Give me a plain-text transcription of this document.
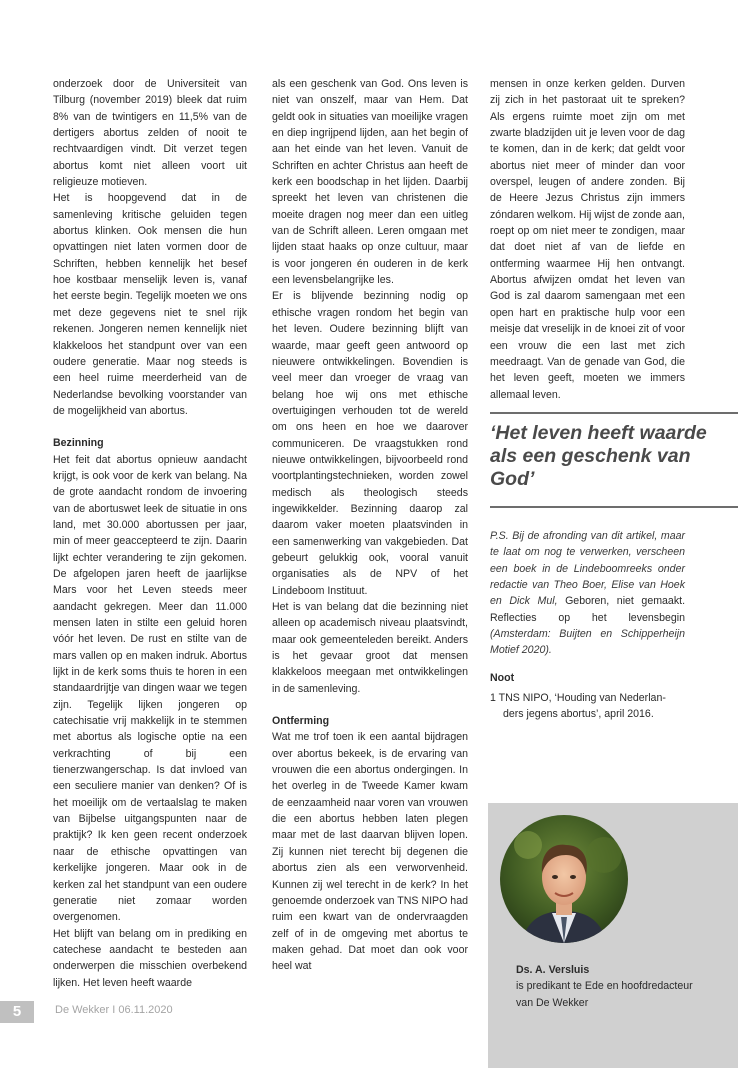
onderzoek door de Universiteit van Tilburg (november 2019) bleek dat ruim 8% van de twintigers en 11,5% van de dertigers abortus zelden of nooit te rechtvaardigen vindt. Dit verzet tegen abortus komt niet alleen voort uit religieuze motieven.

Het is hoopgevend dat in de samenleving kritische geluiden tegen abortus klinken. Ook mensen die hun opvattingen niet laten vormen door de Schriften, hebben kennelijk het besef hoe kostbaar menselijk leven is, vanaf het eerste begin. Tegelijk moeten we ons met deze gegevens niet te snel rijk rekenen. Jongeren nemen kennelijk niet klakkeloos het standpunt over van een oudere generatie. Maar nog steeds is een heel ruime meerderheid van de Nederlandse bevolking voorstander van de mogelijkheid van abortus.

Bezinning

Het feit dat abortus opnieuw aandacht krijgt, is ook voor de kerk van belang. Na de grote aandacht rondom de invoering van de abortuswet leek de situatie in ons land, met 30.000 abortussen per jaar, min of meer geaccepteerd te zijn. Daarin lijkt echter verandering te zijn gekomen. De afgelopen jaren heeft de jaarlijkse Mars voor het Leven steeds meer aandacht gekregen. Meer dan 11.000 mensen laten in stilte een geluid horen vóór het leven. De rust en stilte van de mars vallen op en maken indruk. Abortus lijkt in de kerk soms thuis te horen in een standaardrijtje van dingen waar we tegen zijn. Tegelijk lijken jongeren op catechisatie vrij makkelijk in te stemmen met abortus als logische optie na een verkrachting of bij een tienerzwangerschap. Is dat invloed van een seculiere manier van denken? Of is het moeilijk om de vertaalslag te maken van Bijbelse uitgangspunten naar de praktijk? Ik ken geen recent onderzoek naar de ethische opvattingen van kerkelijke jongeren. Maar ook in de kerken zal het standpunt van een oudere generatie niet zomaar worden overgenomen.

Het blijft van belang om in prediking en catechese aandacht te besteden aan onderwerpen die misschien overbekend lijken. Het leven heeft waarde

als een geschenk van God. Ons leven is niet van onszelf, maar van Hem. Dat geldt ook in situaties van moeilijke vragen en diep ingrijpend lijden, aan het begin of aan het einde van het leven. Vanuit de Schriften en achter Christus aan heeft de kerk een boodschap in het lijden. Daarbij spreekt het leven van christenen die moeite dragen nog meer dan een uitleg van de Schrift alleen. Leren omgaan met lijden staat haaks op onze cultuur, maar is voor jongeren én ouderen in de kerk een levensbelangrijke les.

Er is blijvende bezinning nodig op ethische vragen rondom het begin van het leven. Oudere bezinning blijft van waarde, maar geeft geen antwoord op nieuwere ontwikkelingen. Bovendien is veel meer dan vroeger de vraag van belang hoe wij ons met ethische overtuigingen verhouden tot de wereld om ons heen en hoe we daarover communiceren. De vraagstukken rond nieuwe ontwikkelingen, bijvoorbeeld rond voortplantingstechnieken, worden zowel medisch als theologisch steeds ingewikkelder. Bezinning daarop zal daarom vaker moeten plaatsvinden in een samenwerking van vakgebieden. Dat gebeurt gelukkig ook, vooral vanuit organisaties als de NPV of het Lindeboom Instituut.

Het is van belang dat die bezinning niet alleen op academisch niveau plaatsvindt, maar ook gemeenteleden bereikt. Anders is het gevaar groot dat mensen klakkeloos meegaan met ontwikkelingen in de samenleving.

Ontferming

Wat me trof toen ik een aantal bijdragen over abortus bekeek, is de ervaring van vrouwen die een abortus ondergingen. In het overleg in de Tweede Kamer kwam de eenzaamheid naar voren van vrouwen die een abortus hebben laten plegen maar met de last daarvan blijven lopen. Zij kunnen niet terecht bij degenen die abortus zien als een verworvenheid. Kunnen zij wel terecht in de kerk? In het genoemde onderzoek van TNS NIPO had ruim een kwart van de ondervraagden zelf of in de omgeving met abortus te maken gehad. Dat moet dan ook voor heel wat

mensen in onze kerken gelden. Durven zij zich in het pastoraat uit te spreken? Als ergens ruimte moet zijn om met zwarte bladzijden uit je leven voor de dag te komen, dan in de kerk; dat geldt voor abortus niet meer of minder dan voor overspel, leugen of andere zonden. Bij de Heere Jezus Christus zijn immers zóndaren welkom. Hij wijst de zonde aan, roept op om niet meer te zondigen, maar dat doet niet af van de liefde en ontferming waarmee Hij hen ontvangt. Abortus afwijzen omdat het leven van God is zal daarom samengaan met een open hart en praktische hulp voor een meisje dat vreselijk in de knoei zit of voor een vrouw die een last met zich meedraagt. Van de genade van God, die het leven geeft, moeten we immers allemaal leven.

‘Het leven heeft waarde als een geschenk van God’
P.S. Bij de afronding van dit artikel, maar te laat om nog te verwerken, verscheen een boek in de Lindeboomreeks onder redactie van Theo Boer, Elise van Hoek en Dick Mul, Geboren, niet gemaakt. Reflecties op het levensbegin (Amsterdam: Buijten en Schipperheijn Motief 2020).
Noot
1 TNS NIPO, ‘Houding van Nederlan-
ders jegens abortus’, april 2016.
Ds. A. Versluis
is predikant te Ede en hoofdredacteur
van De Wekker
5	De Wekker I 06.11.2020
